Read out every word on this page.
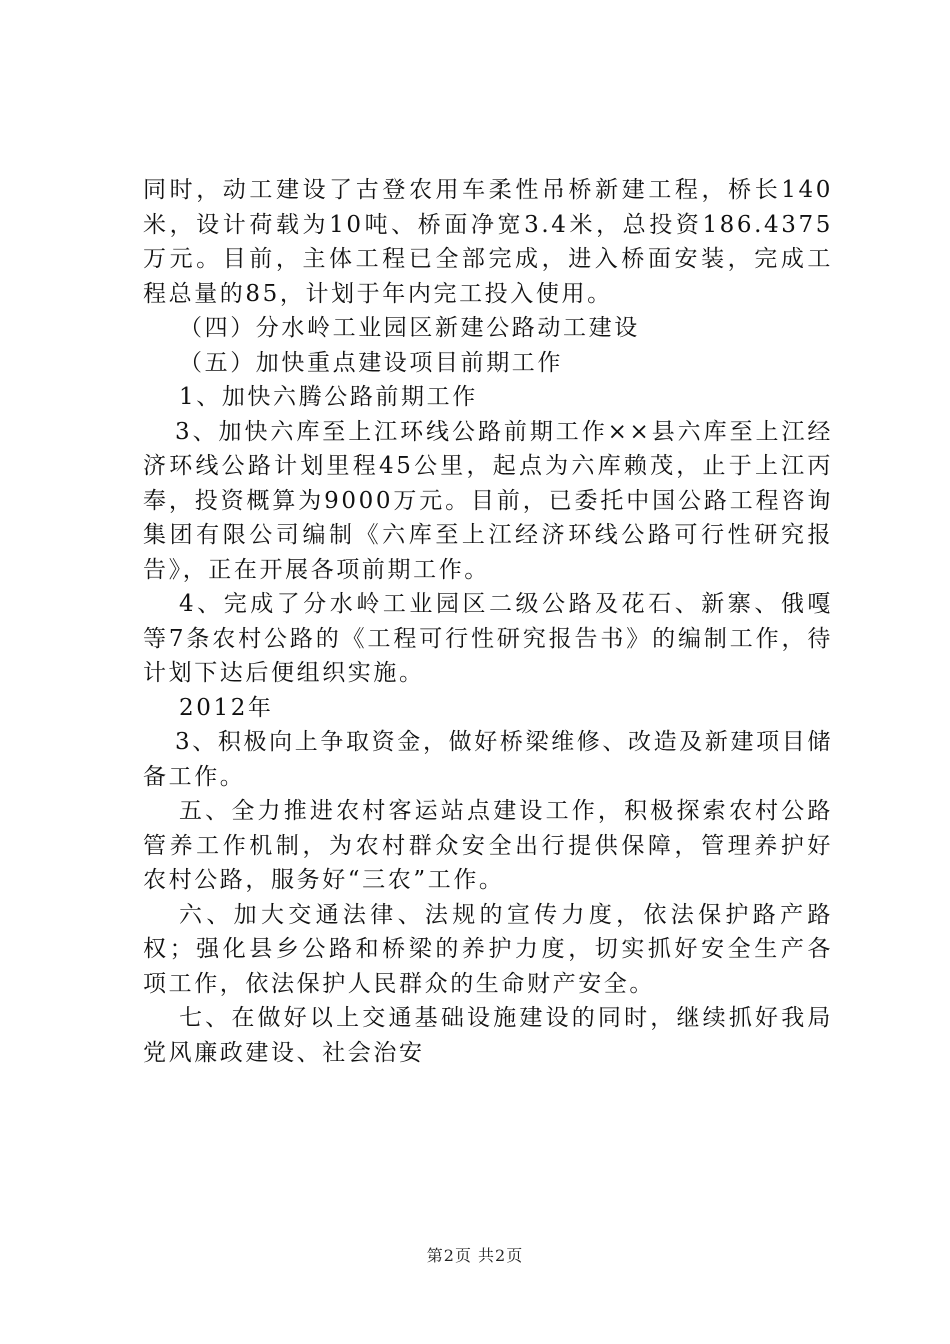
同时，动工建设了古登农用车柔性吊桥新建工程，桥长140米，设计荷载为10吨、桥面净宽3.4米，总投资186.4375万元。目前，主体工程已全部完成，进入桥面安装，完成工程总量的85，计划于年内完工投入使用。

（四）分水岭工业园区新建公路动工建设

（五）加快重点建设项目前期工作

1、加快六腾公路前期工作

3、加快六库至上江环线公路前期工作××县六库至上江经济环线公路计划里程45公里，起点为六库赖茂，止于上江丙奉，投资概算为9000万元。目前，已委托中国公路工程咨询集团有限公司编制《六库至上江经济环线公路可行性研究报告》，正在开展各项前期工作。

4、完成了分水岭工业园区二级公路及花石、新寨、俄嘎等7条农村公路的《工程可行性研究报告书》的编制工作，待计划下达后便组织实施。

2012年

3、积极向上争取资金，做好桥梁维修、改造及新建项目储备工作。

五、全力推进农村客运站点建设工作，积极探索农村公路管养工作机制，为农村群众安全出行提供保障，管理养护好农村公路，服务好“三农”工作。

六、加大交通法律、法规的宣传力度，依法保护路产路权；强化县乡公路和桥梁的养护力度，切实抓好安全生产各项工作，依法保护人民群众的生命财产安全。

七、在做好以上交通基础设施建设的同时，继续抓好我局党风廉政建设、社会治安

第2页 共2页
